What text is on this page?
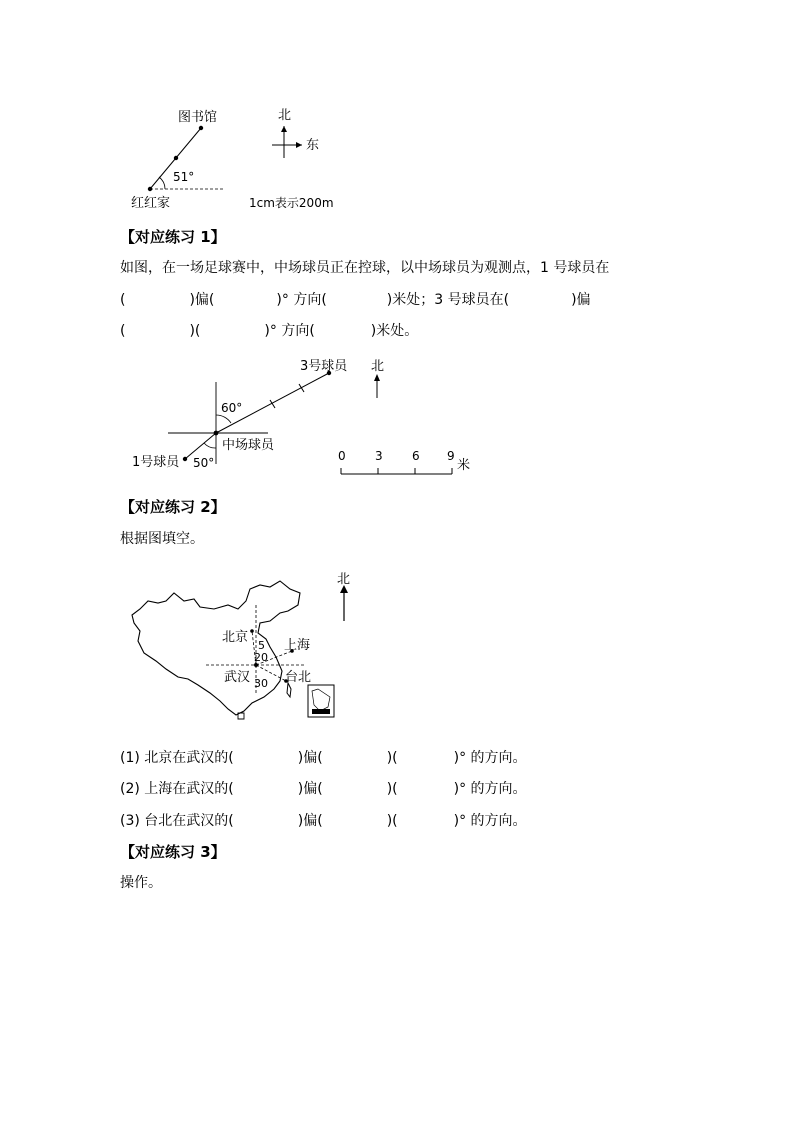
图书馆
51°
红红家
北
东
1cm表示200m
【对应练习 1】
如图，在一场足球赛中，中场球员正在控球，以中场球员为观测点，1 号球员在
(	)偏(	)° 方向(	)米处；3 号球员在(	)偏
(	)(	)° 方向(	)米处。
3号球员
60°
中场球员
1号球员 50°
北
0 3 6 9
米
【对应练习 2】
根据图填空。
北京
5 上海
20
武汉 30 台北
北
(1) 北京在武汉的(	)偏(	)(	)° 的方向。
(2) 上海在武汉的(	)偏(	)(	)° 的方向。
(3) 台北在武汉的(	)偏(	)(	)° 的方向。
【对应练习 3】
操作。
